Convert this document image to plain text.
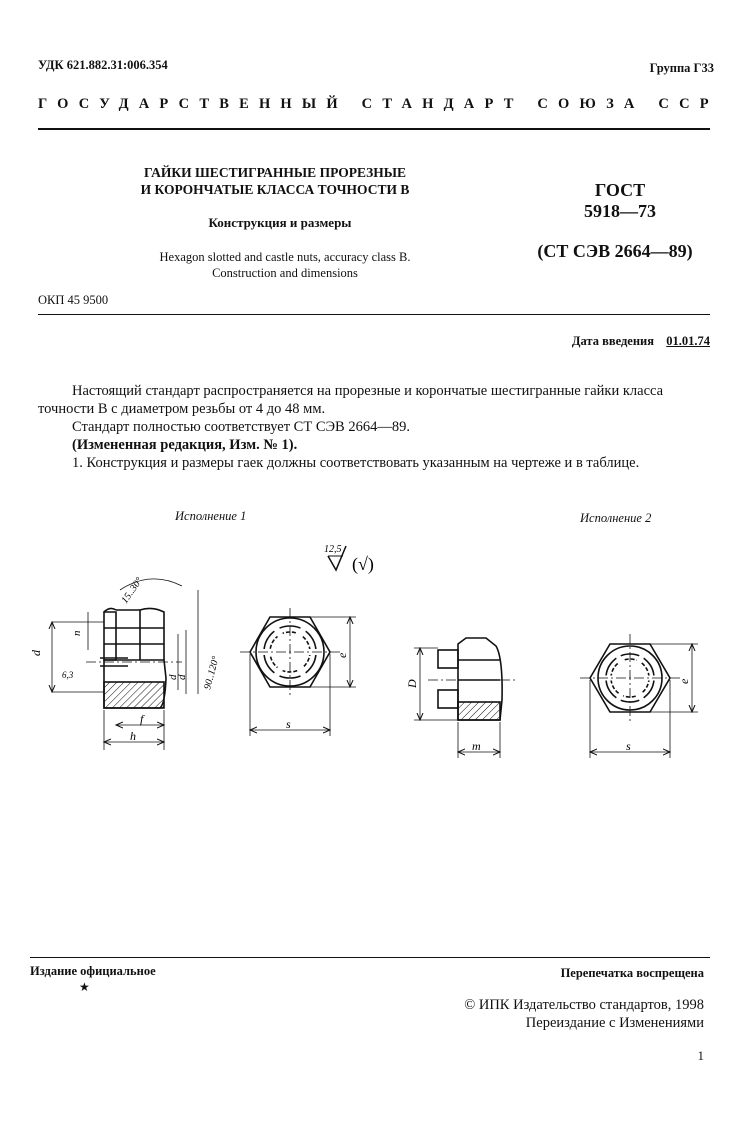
УДК 621.882.31:006.354	Группа Г33
ГОСУДАРСТВЕННЫЙ СТАНДАРТ СОЮЗА ССР
ГАЙКИ ШЕСТИГРАННЫЕ ПРОРЕЗНЫЕ
И КОРОНЧАТЫЕ КЛАССА ТОЧНОСТИ В
Конструкция и размеры
Hexagon slotted and castle nuts, accuracy class B.
Construction and dimensions
ГОСТ
5918—73
(СТ СЭВ 2664—89)
ОКП 45 9500
Дата введения 01.01.74
Настоящий стандарт распространяется на прорезные и корончатые шестигранные гайки класса
точности В с диаметром резьбы от 4 до 48 мм.
Стандарт полностью соответствует СТ СЭВ 2664—89.
(Измененная редакция, Изм. № 1).
1. Конструкция и размеры гаек должны соответствовать указанным на чертеже и в таблице.
Исполнение 1	Исполнение 2
12,5
(√)
d
n
6,3	d
d 90..120°
15..30°
f
h
s
e
D
m	s
e
Издание официальное
★
Перепечатка воспрещена
© ИПК Издательство стандартов, 1998
Переиздание с Изменениями
1
